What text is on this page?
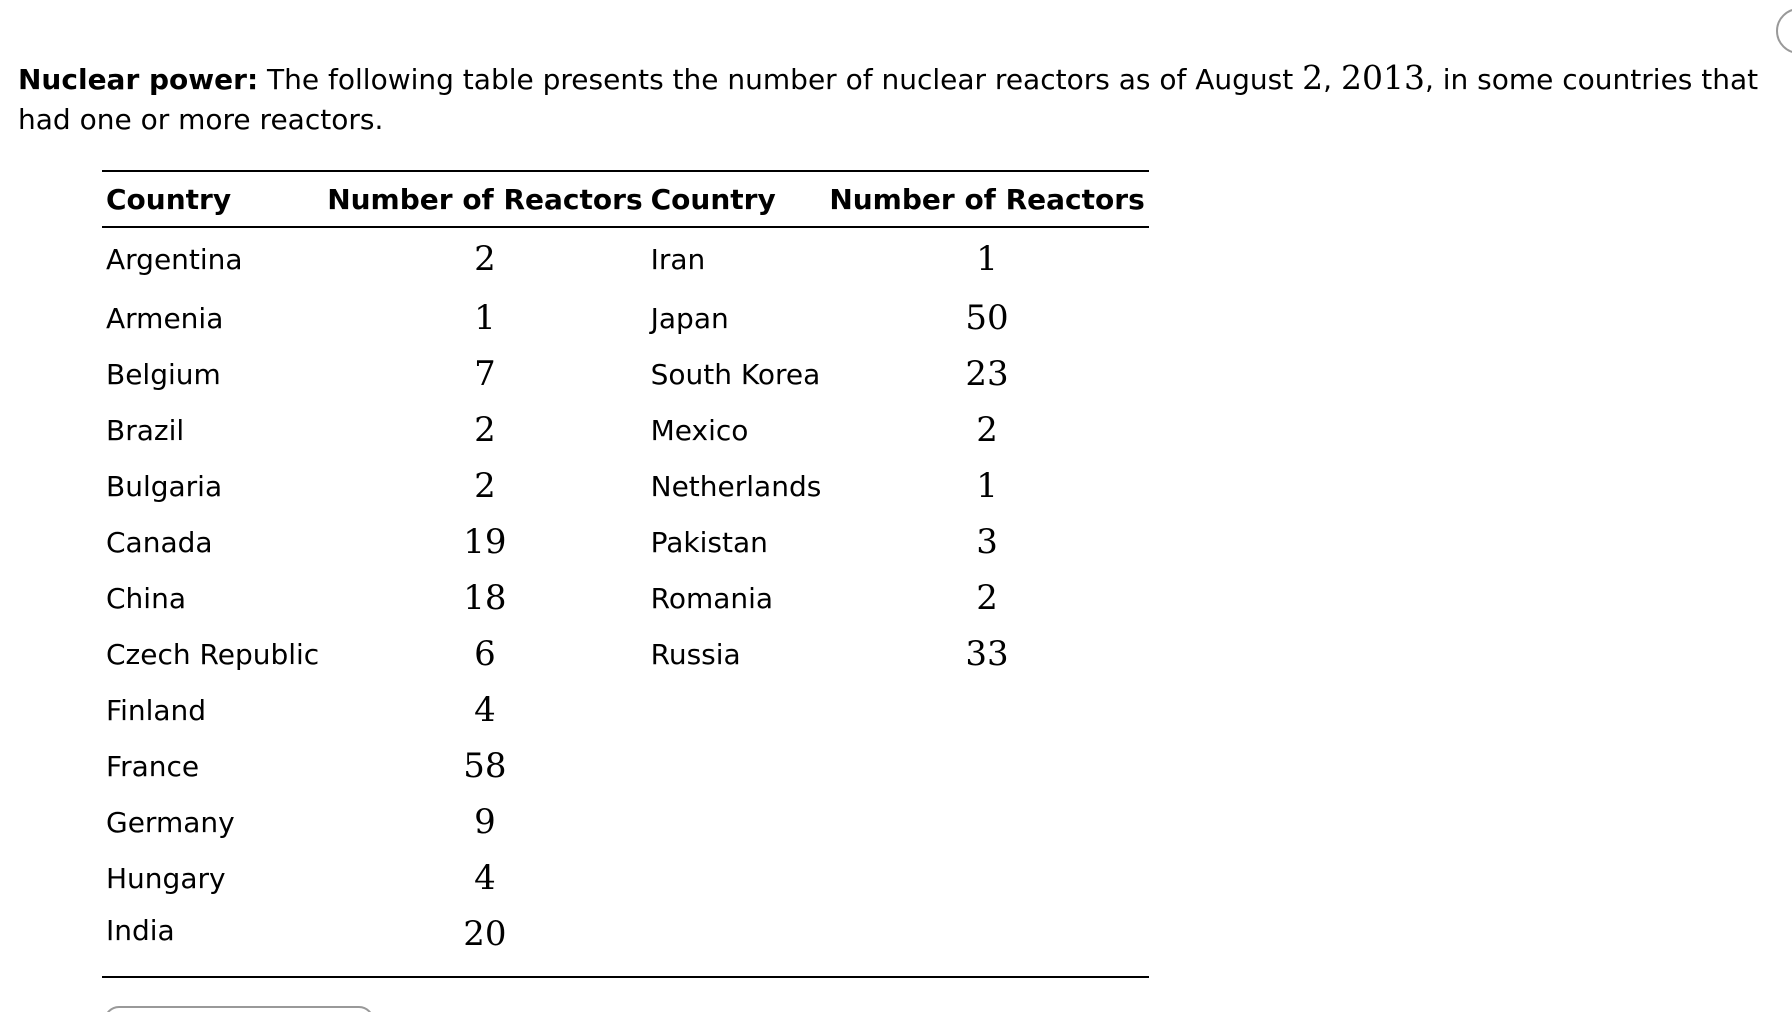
Nuclear power: The following table presents the number of nuclear reactors as of August 2, 2013, in some countries that had one or more reactors.

Country	Number of Reactors	Country	Number of Reactors
Argentina	2	Iran	1
Armenia	1	Japan	50
Belgium	7	South Korea	23
Brazil	2	Mexico	2
Bulgaria	2	Netherlands	1
Canada	19	Pakistan	3
China	18	Romania	2
Czech Republic	6	Russia	33
Finland	4		
France	58		
Germany	9		
Hungary	4		
India	20		
